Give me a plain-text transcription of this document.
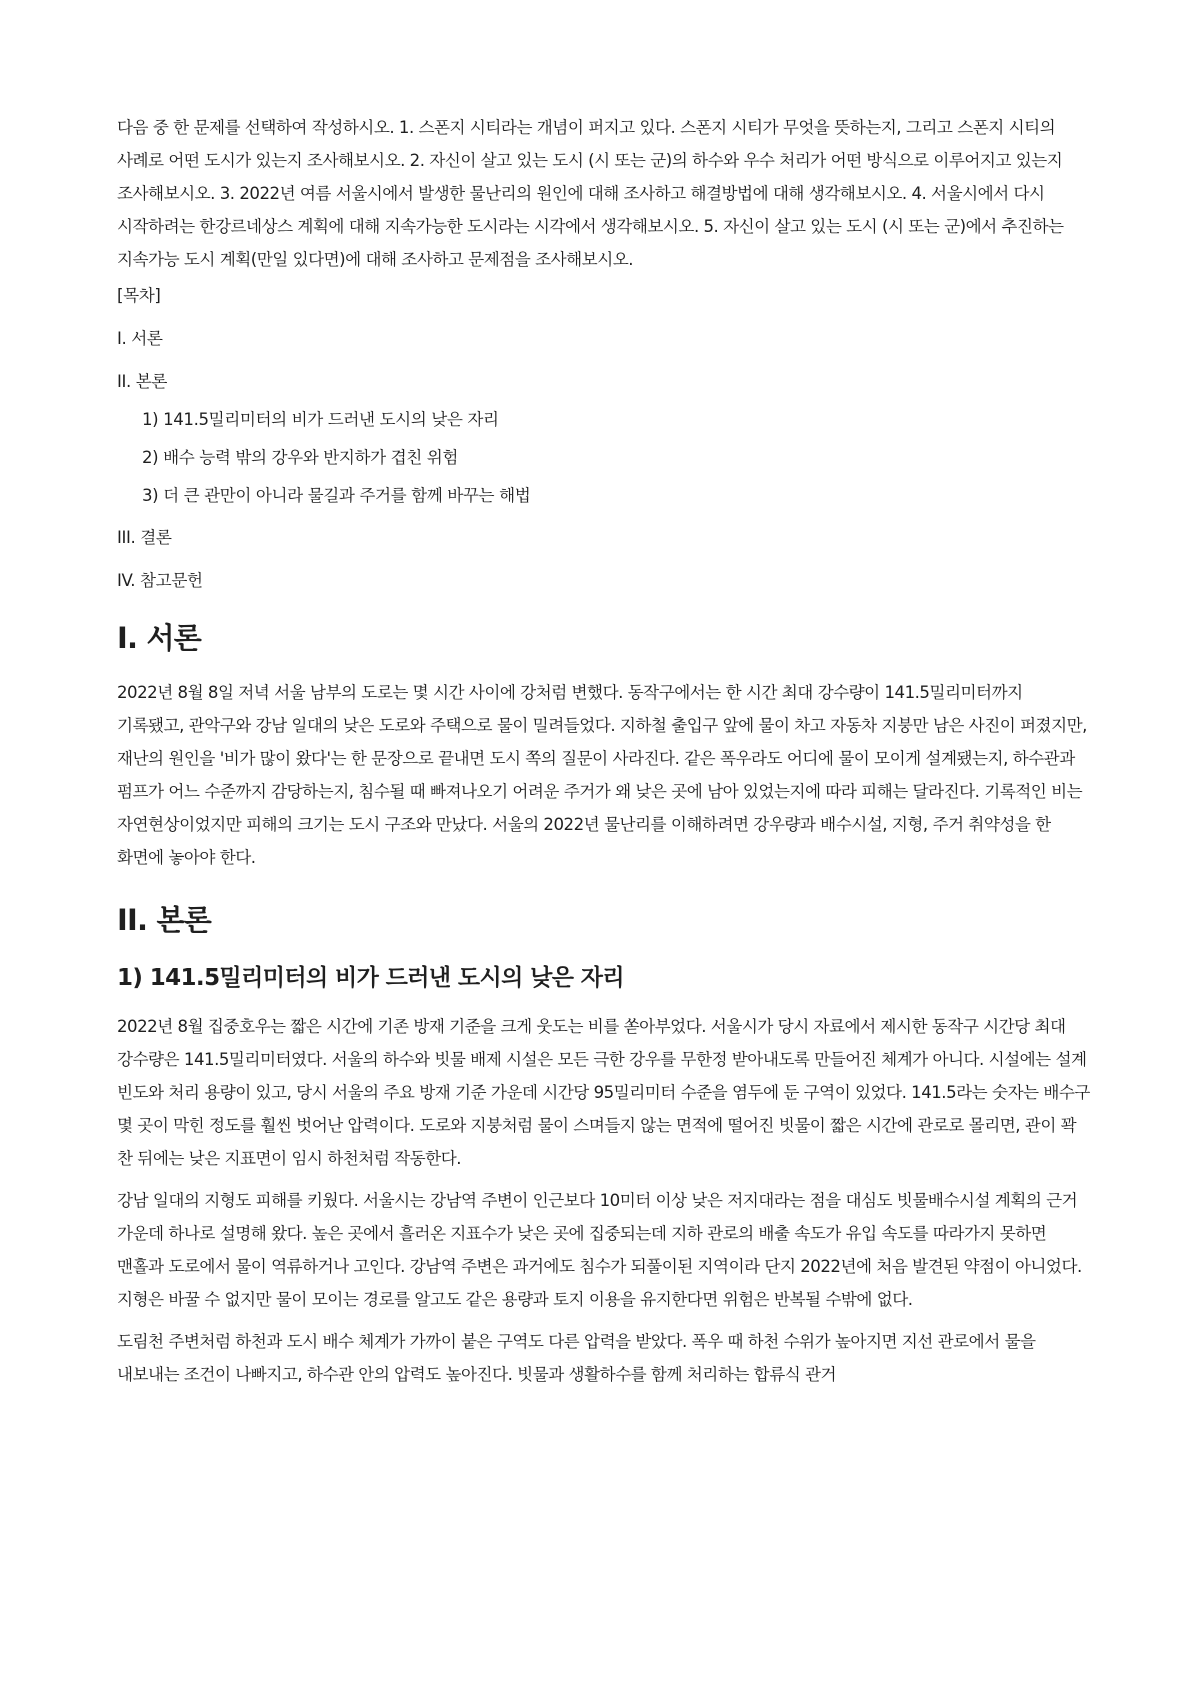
다음 중 한 문제를 선택하여 작성하시오. 1. 스폰지 시티라는 개념이 퍼지고 있다. 스폰지 시티가 무엇을 뜻하는지, 그리고 스폰지 시티의 사례로 어떤 도시가 있는지 조사해보시오. 2. 자신이 살고 있는 도시 (시 또는 군)의 하수와 우수 처리가 어떤 방식으로 이루어지고 있는지 조사해보시오. 3. 2022년 여름 서울시에서 발생한 물난리의 원인에 대해 조사하고 해결방법에 대해 생각해보시오. 4. 서울시에서 다시 시작하려는 한강르네상스 계획에 대해 지속가능한 도시라는 시각에서 생각해보시오. 5. 자신이 살고 있는 도시 (시 또는 군)에서 추진하는 지속가능 도시 계획(만일 있다면)에 대해 조사하고 문제점을 조사해보시오.

[목차]

I. 서론

II. 본론

1) 141.5밀리미터의 비가 드러낸 도시의 낮은 자리

2) 배수 능력 밖의 강우와 반지하가 겹친 위험

3) 더 큰 관만이 아니라 물길과 주거를 함께 바꾸는 해법

III. 결론

IV. 참고문헌

I. 서론

2022년 8월 8일 저녁 서울 남부의 도로는 몇 시간 사이에 강처럼 변했다. 동작구에서는 한 시간 최대 강수량이 141.5밀리미터까지 기록됐고, 관악구와 강남 일대의 낮은 도로와 주택으로 물이 밀려들었다. 지하철 출입구 앞에 물이 차고 자동차 지붕만 남은 사진이 퍼졌지만, 재난의 원인을 '비가 많이 왔다'는 한 문장으로 끝내면 도시 쪽의 질문이 사라진다. 같은 폭우라도 어디에 물이 모이게 설계됐는지, 하수관과 펌프가 어느 수준까지 감당하는지, 침수될 때 빠져나오기 어려운 주거가 왜 낮은 곳에 남아 있었는지에 따라 피해는 달라진다. 기록적인 비는 자연현상이었지만 피해의 크기는 도시 구조와 만났다. 서울의 2022년 물난리를 이해하려면 강우량과 배수시설, 지형, 주거 취약성을 한 화면에 놓아야 한다.

II. 본론
1) 141.5밀리미터의 비가 드러낸 도시의 낮은 자리

2022년 8월 집중호우는 짧은 시간에 기존 방재 기준을 크게 웃도는 비를 쏟아부었다. 서울시가 당시 자료에서 제시한 동작구 시간당 최대 강수량은 141.5밀리미터였다. 서울의 하수와 빗물 배제 시설은 모든 극한 강우를 무한정 받아내도록 만들어진 체계가 아니다. 시설에는 설계 빈도와 처리 용량이 있고, 당시 서울의 주요 방재 기준 가운데 시간당 95밀리미터 수준을 염두에 둔 구역이 있었다. 141.5라는 숫자는 배수구 몇 곳이 막힌 정도를 훨씬 벗어난 압력이다. 도로와 지붕처럼 물이 스며들지 않는 면적에 떨어진 빗물이 짧은 시간에 관로로 몰리면, 관이 꽉 찬 뒤에는 낮은 지표면이 임시 하천처럼 작동한다.

강남 일대의 지형도 피해를 키웠다. 서울시는 강남역 주변이 인근보다 10미터 이상 낮은 저지대라는 점을 대심도 빗물배수시설 계획의 근거 가운데 하나로 설명해 왔다. 높은 곳에서 흘러온 지표수가 낮은 곳에 집중되는데 지하 관로의 배출 속도가 유입 속도를 따라가지 못하면 맨홀과 도로에서 물이 역류하거나 고인다. 강남역 주변은 과거에도 침수가 되풀이된 지역이라 단지 2022년에 처음 발견된 약점이 아니었다. 지형은 바꿀 수 없지만 물이 모이는 경로를 알고도 같은 용량과 토지 이용을 유지한다면 위험은 반복될 수밖에 없다.

도림천 주변처럼 하천과 도시 배수 체계가 가까이 붙은 구역도 다른 압력을 받았다. 폭우 때 하천 수위가 높아지면 지선 관로에서 물을 내보내는 조건이 나빠지고, 하수관 안의 압력도 높아진다. 빗물과 생활하수를 함께 처리하는 합류식 관거
